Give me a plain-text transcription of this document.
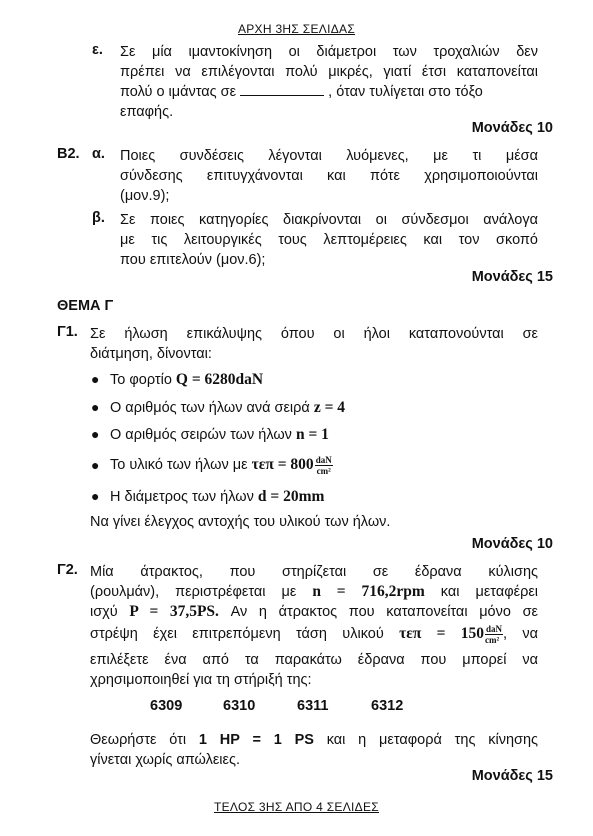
ΑΡΧΗ 3ΗΣ ΣΕΛΙΔΑΣ
ε. Σε μία ιμαντοκίνηση οι διάμετροι των τροχαλιών δεν
πρέπει να επιλέγονται πολύ μικρές, γιατί έτσι καταπονείται
πολύ ο ιμάντας σε	, όταν τυλίγεται στο τόξο
επαφής.
Μονάδες 10
Β2. α. Ποιες συνδέσεις λέγονται λυόμενες, με τι μέσα
σύνδεσης επιτυγχάνονται και πότε χρησιμοποιούνται
(μον.9);
β. Σε ποιες κατηγορίες διακρίνονται οι σύνδεσμοι ανάλογα
με τις λειτουργικές τους λεπτομέρειες και τον σκοπό
που επιτελούν (μον.6);
Μονάδες 15
ΘΕΜΑ Γ
Γ1. Σε ήλωση επικάλυψης όπου οι ήλοι καταπονούνται σε
διάτμηση, δίνονται:
● Το φορτίο Q = 6280daN
● Ο αριθμός των ήλων ανά σειρά z = 4
● Ο αριθμός σειρών των ήλων n = 1
● Το υλικό των ήλων με $\tau\varepsilon\pi = 800 \frac{\text{daN}}{\text{cm²}}$
● Η διάμετρος των ήλων d = 20mm
Να γίνει έλεγχος αντοχής του υλικού των ήλων.
Μονάδες 10
Γ2. Μία άτρακτος, που στηρίζεται σε έδρανα κύλισης
(ρουλμάν), περιστρέφεται με n = 716,2rpm και μεταφέρει
ισχύ P = 37,5PS. Αν η άτρακτος που καταπονείται μόνο σε
στρέψη έχει επιτρεπόμενη τάση υλικού $\tau\varepsilon\pi = 150 \frac{\text{daN}}{\text{cm²}}$ , να
επιλέξετε ένα από τα παρακάτω έδρανα που μπορεί να
χρησιμοποιηθεί για τη στήριξή της:
6309	6310	6311	6312
Θεωρήστε ότι 1 HP = 1 PS και η μεταφορά της κίνησης
γίνεται χωρίς απώλειες.
Μονάδες 15
ΤΕΛΟΣ 3ΗΣ ΑΠΟ 4 ΣΕΛΙΔΕΣ
